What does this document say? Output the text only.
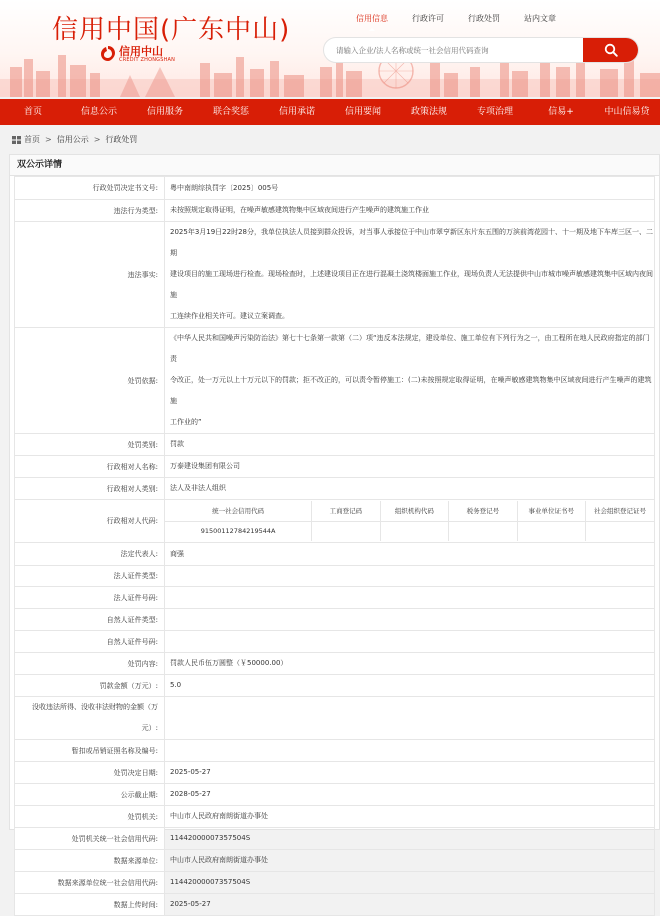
信用中国(广东中山)
信用中山
CREDIT ZHONGSHAN
信用信息	行政许可	行政处罚	站内文章
请输入企业/法人名称或统一社会信用代码查询
首页	信息公示	信用服务	联合奖惩	信用承诺	信用要闻	政策法规	专项治理	信易+	中山信易贷
首页 > 信用公示 > 行政处罚
双公示详情
行政处罚决定书文号:	粤中南朗综执罚字〔2025〕005号
违法行为类型:	未按照规定取得证明，在噪声敏感建筑物集中区域夜间进行产生噪声的建筑施工作业
违法事实:	
2025年3月19日22时28分，我单位执法人员接到群众投诉，对当事人承接位于中山市翠亨新区东片东五围的万滨前湾花园十、十一期及地下车库三区一、二期
建设项目的施工现场进行检查。现场检查时，上述建设项目正在进行混凝土浇筑楼面施工作业，现场负责人无法提供中山市城市噪声敏感建筑集中区域内夜间施
工连续作业相关许可。建议立案调查。

处罚依据:	
《中华人民共和国噪声污染防治法》第七十七条第一款第（二）项“违反本法规定，建设单位、施工单位有下列行为之一，由工程所在地人民政府指定的部门责
令改正，处一万元以上十万元以下的罚款；拒不改正的，可以责令暂停施工：(二)未按照规定取得证明，在噪声敏感建筑物集中区域夜间进行产生噪声的建筑施
工作业的”

处罚类别:	罚款
行政相对人名称:	万泰建设集团有限公司
行政相对人类别:	法人及非法人组织
行政相对人代码:	
统一社会信用代码	工商登记码	组织机构代码	税务登记号	事业单位证书号	社会组织登记证号
91500112784219544A					

法定代表人:	商强
法人证件类型:	
法人证件号码:	
自然人证件类型:	
自然人证件号码:	
处罚内容:	罚款人民币伍万圆整（￥50000.00）
罚款金额（万元）:	5.0

没收违法所得、没收非法财物的金额（万
元）:

暂扣或吊销证照名称及编号:	
处罚决定日期:	2025-05-27
公示截止期:	2028-05-27
处罚机关:	中山市人民政府南朗街道办事处
处罚机关统一社会信用代码:	11442000007357504S
数据来源单位:	中山市人民政府南朗街道办事处
数据来源单位统一社会信用代码:	11442000007357504S
数据上传时间:	2025-05-27
